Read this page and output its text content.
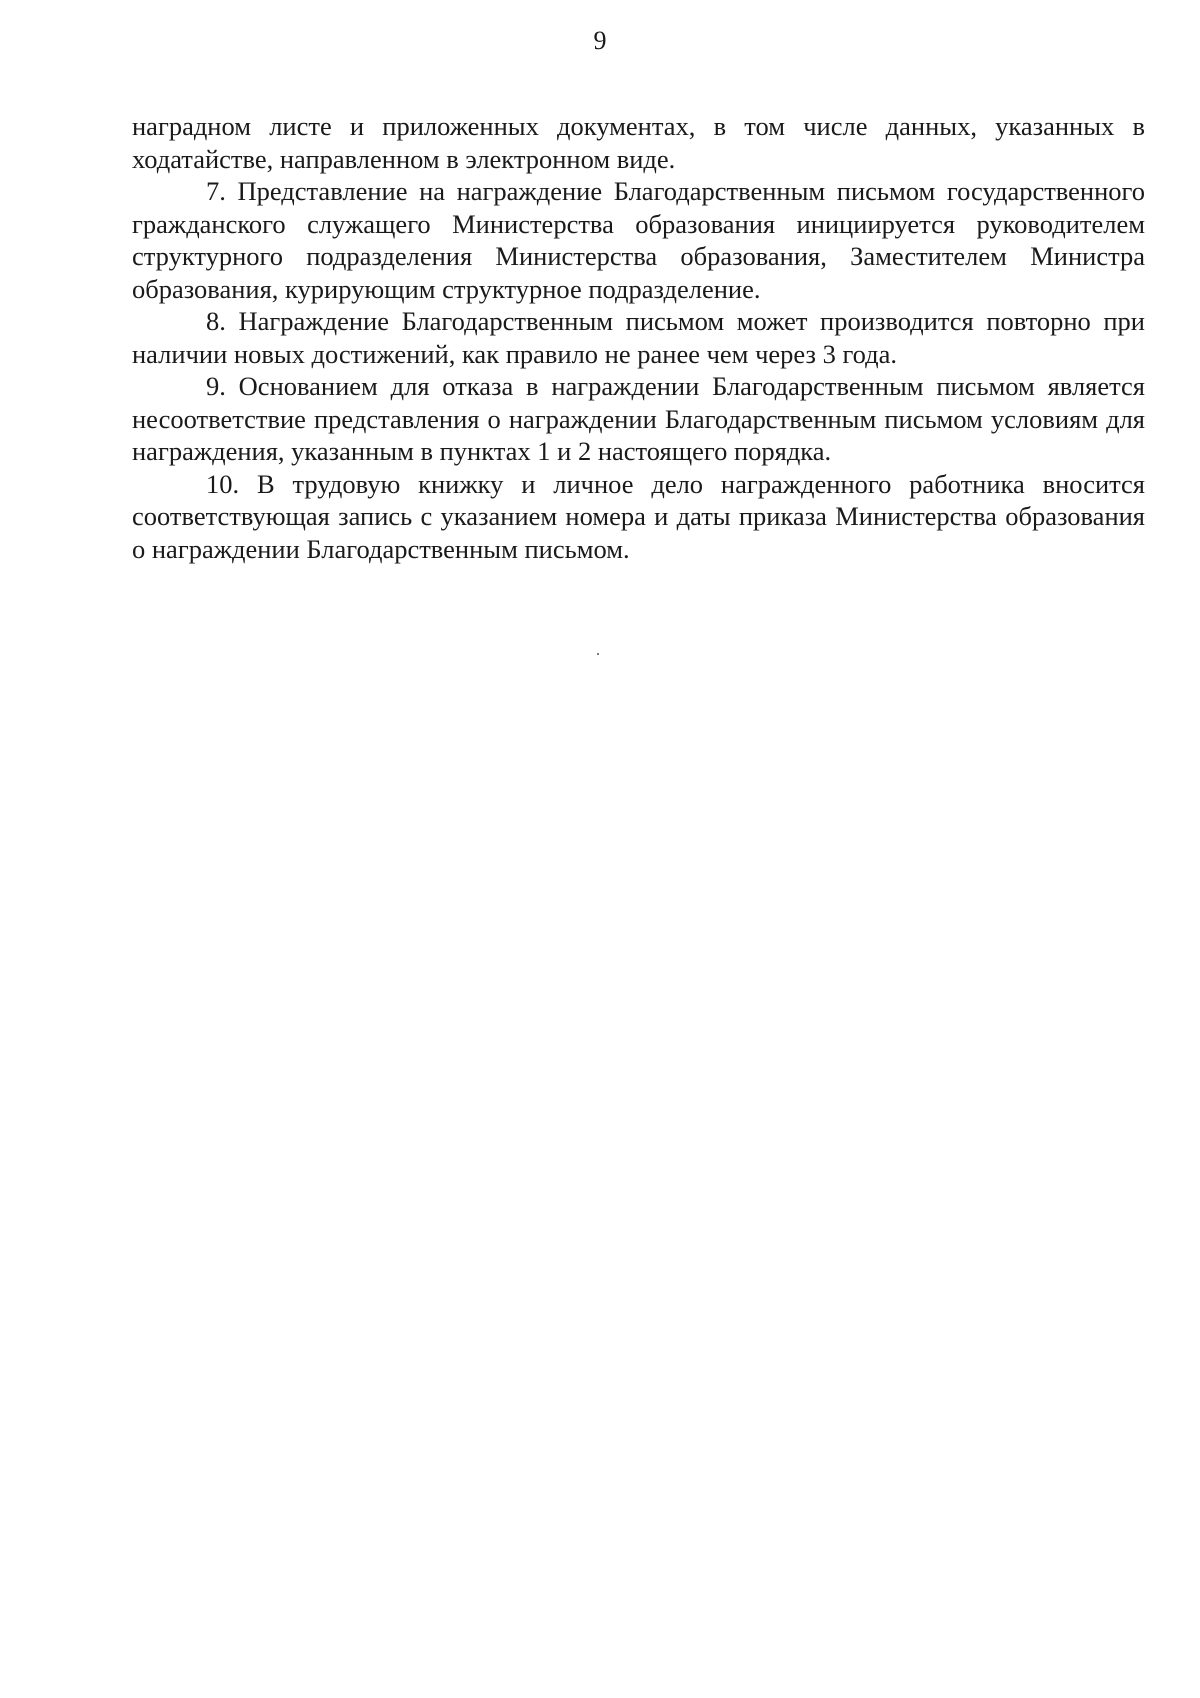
9

наградном листе и приложенных документах, в том числе данных, указанных в ходатайстве, направленном в электронном виде.

7. Представление на награждение Благодарственным письмом государственного гражданского служащего Министерства образования инициируется руководителем структурного подразделения Министерства образования, Заместителем Министра образования, курирующим структурное подразделение.

8. Награждение Благодарственным письмом может производится повторно при наличии новых достижений, как правило не ранее чем через 3 года.

9. Основанием для отказа в награждении Благодарственным письмом является несоответствие представления о награждении Благодарственным письмом условиям для награждения, указанным в пунктах 1 и 2 настоящего порядка.

10. В трудовую книжку и личное дело награжденного работника вносится соответствующая запись с указанием номера и даты приказа Министерства образования о награждении Благодарственным письмом.
